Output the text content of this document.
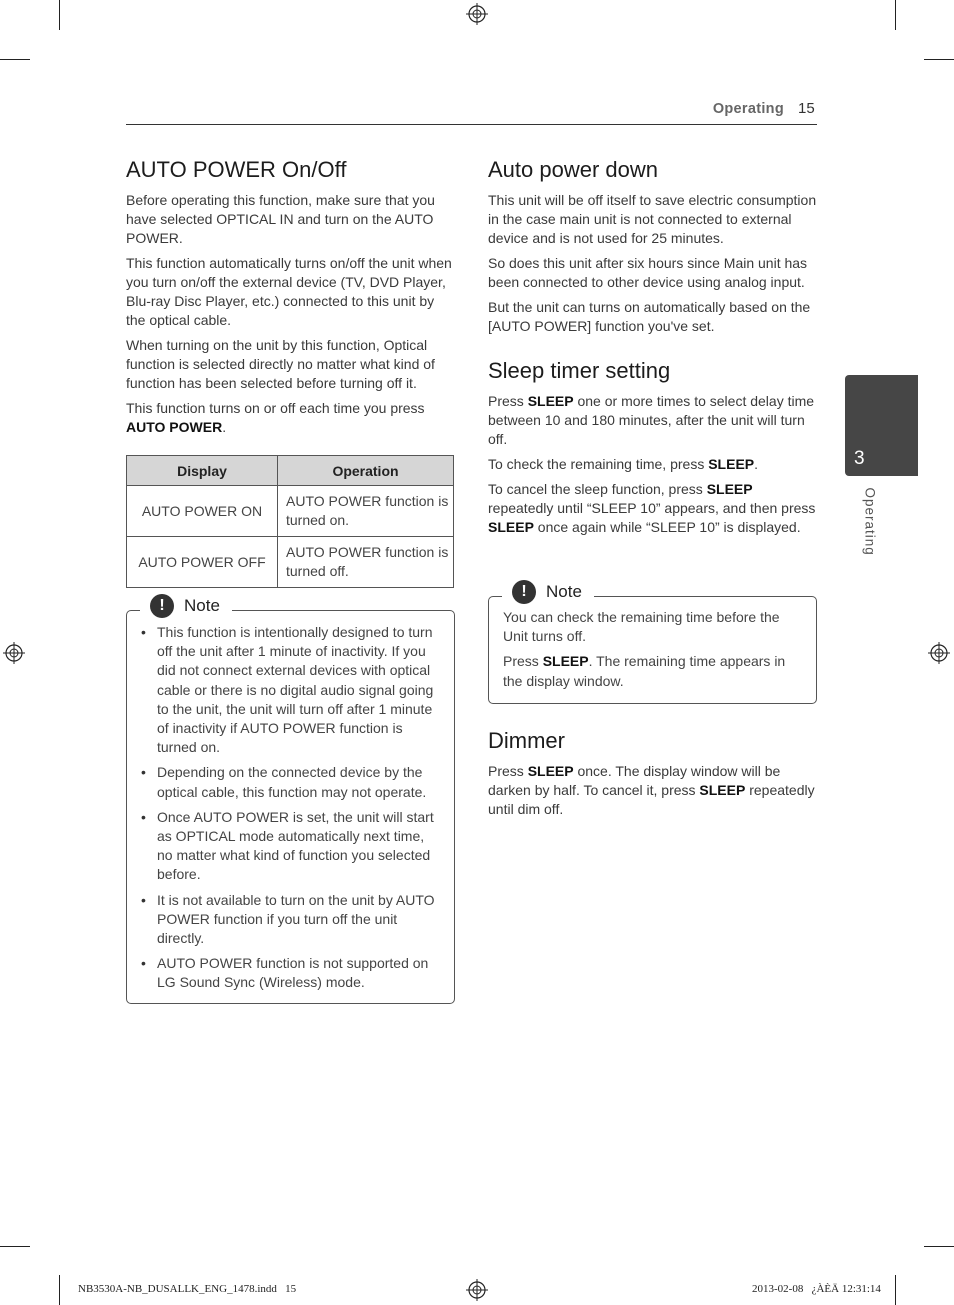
Operating 15
3
Operating
AUTO POWER On/Off

Before operating this function, make sure that you have selected OPTICAL IN and turn on the AUTO POWER.

This function automatically turns on/off the unit when you turn on/off the external device (TV, DVD Player, Blu-ray Disc Player, etc.) connected to this unit by the optical cable.

When turning on the unit by this function, Optical function is selected directly no matter what kind of function has been selected before turning off it.

This function turns on or off each time you press AUTO POWER.

Display	Operation
AUTO POWER ON	AUTO POWER function is turned on.
AUTO POWER OFF	AUTO POWER function is turned off.
• This function is intentionally designed to turn off the unit after 1 minute of inactivity. If you did not connect external devices with optical cable or there is no digital audio signal going to the unit, the unit will turn off after 1 minute of inactivity if AUTO POWER function is turned on.
• Depending on the connected device by the optical cable, this function may not operate.
• Once AUTO POWER is set, the unit will start as OPTICAL mode automatically next time, no matter what kind of function you selected before.
• It is not available to turn on the unit by AUTO POWER function if you turn off the unit directly.
• AUTO POWER function is not supported on LG Sound Sync (Wireless) mode.
!	Note
Auto power down

This unit will be off itself to save electric consumption in the case main unit is not connected to external device and is not used for 25 minutes.

So does this unit after six hours since Main unit has been connected to other device using analog input.

But the unit can turns on automatically based on the [AUTO POWER] function you've set.

Sleep timer setting

Press SLEEP one or more times to select delay time between 10 and 180 minutes, after the unit will turn off.

To check the remaining time, press SLEEP.

To cancel the sleep function, press SLEEP repeatedly until “SLEEP 10” appears, and then press SLEEP once again while “SLEEP 10” is displayed.

You can check the remaining time before the Unit turns off.

Press SLEEP. The remaining time appears in the display window.

!	Note
Dimmer

Press SLEEP once. The display window will be darken by half. To cancel it, press SLEEP repeatedly until dim off.

NB3530A-NB_DUSALLK_ENG_1478.indd   15	2013-02-08   ¿ÀÈÄ 12:31:14
